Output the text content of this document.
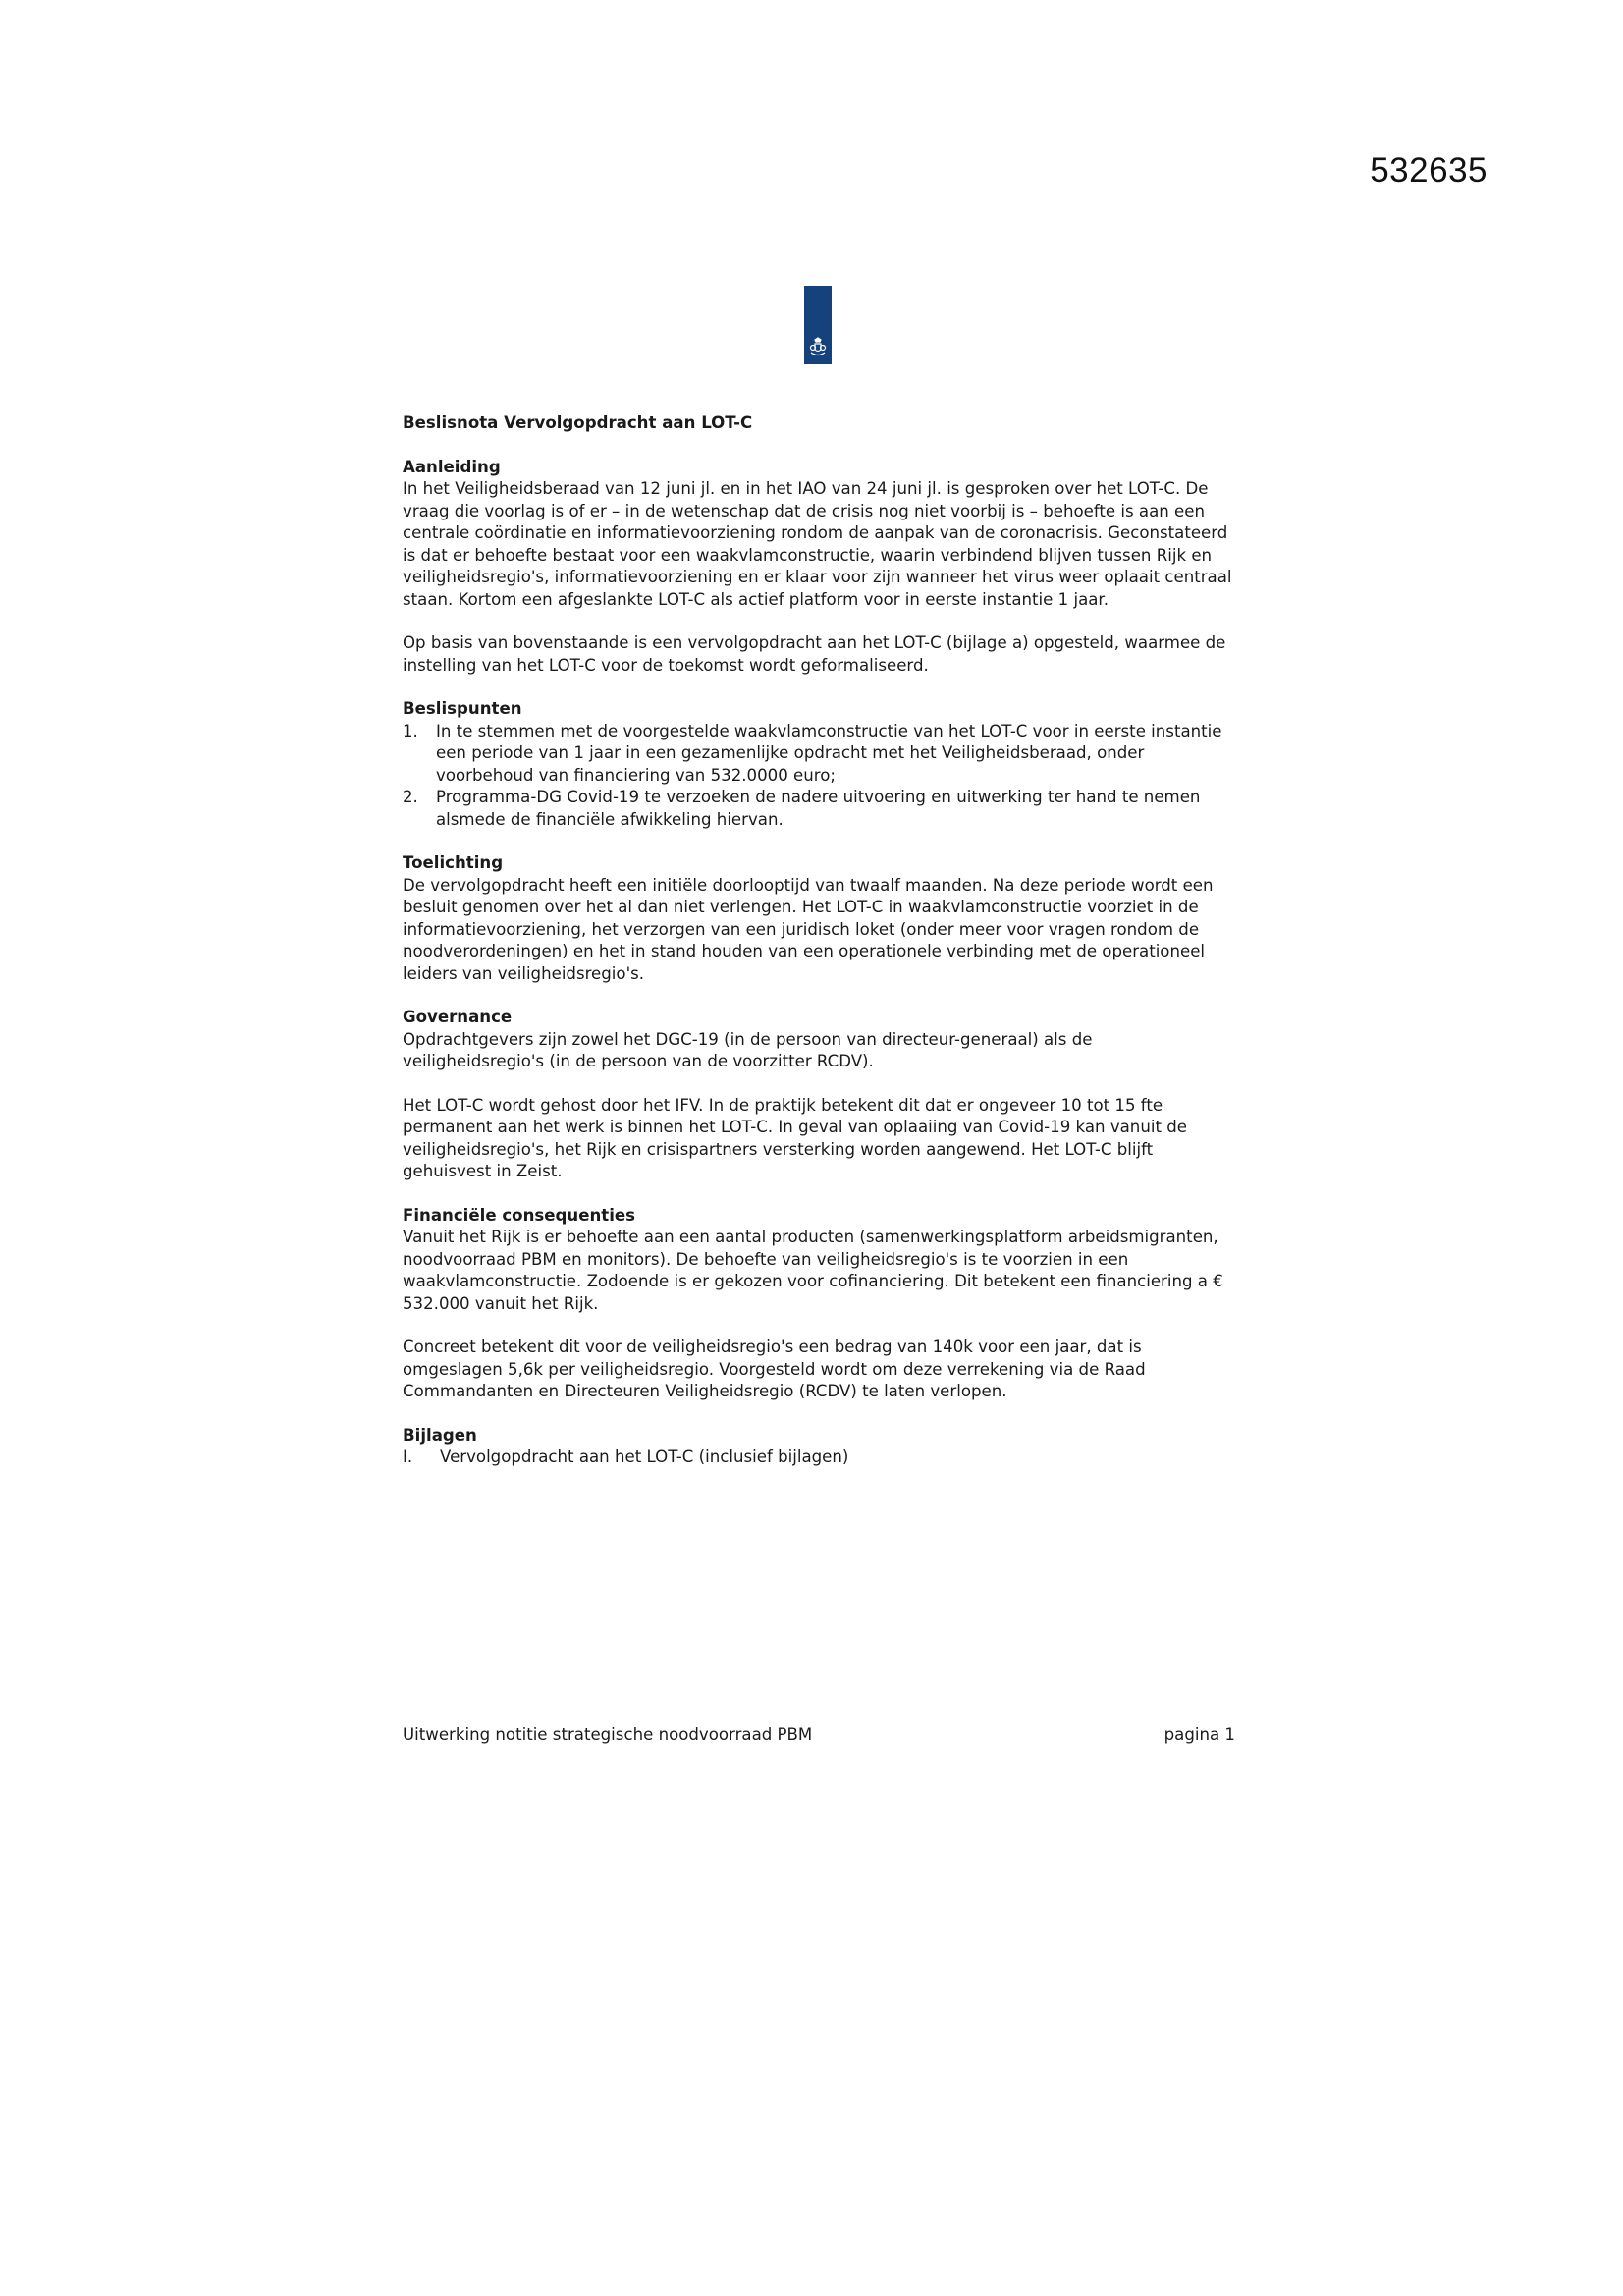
532635
Beslisnota Vervolgopdracht aan LOT-C
Aanleiding

In het Veiligheidsberaad van 12 juni jl. en in het IAO van 24 juni jl. is gesproken over het LOT-C. De vraag die voorlag is of er – in de wetenschap dat de crisis nog niet voorbij is – behoefte is aan een centrale coördinatie en informatievoorziening rondom de aanpak van de coronacrisis. Geconstateerd is dat er behoefte bestaat voor een waakvlamconstructie, waarin verbindend blijven tussen Rijk en veiligheidsregio's, informatievoorziening en er klaar voor zijn wanneer het virus weer oplaait centraal staan. Kortom een afgeslankte LOT-C als actief platform voor in eerste instantie 1 jaar.

Op basis van bovenstaande is een vervolgopdracht aan het LOT-C (bijlage a) opgesteld, waarmee de instelling van het LOT-C voor de toekomst wordt geformaliseerd.

Beslispunten
1. In te stemmen met de voorgestelde waakvlamconstructie van het LOT-C voor in eerste instantie een periode van 1 jaar in een gezamenlijke opdracht met het Veiligheidsberaad, onder voorbehoud van financiering van 532.0000 euro;
2. Programma-DG Covid-19 te verzoeken de nadere uitvoering en uitwerking ter hand te nemen alsmede de financiële afwikkeling hiervan.
Toelichting

De vervolgopdracht heeft een initiële doorlooptijd van twaalf maanden. Na deze periode wordt een besluit genomen over het al dan niet verlengen. Het LOT-C in waakvlamconstructie voorziet in de informatievoorziening, het verzorgen van een juridisch loket (onder meer voor vragen rondom de noodverordeningen) en het in stand houden van een operationele verbinding met de operationeel leiders van veiligheidsregio's.

Governance

Opdrachtgevers zijn zowel het DGC-19 (in de persoon van directeur-generaal) als de veiligheidsregio's (in de persoon van de voorzitter RCDV).

Het LOT-C wordt gehost door het IFV. In de praktijk betekent dit dat er ongeveer 10 tot 15 fte permanent aan het werk is binnen het LOT-C. In geval van oplaaiing van Covid-19 kan vanuit de veiligheidsregio's, het Rijk en crisispartners versterking worden aangewend. Het LOT-C blijft gehuisvest in Zeist.

Financiële consequenties

Vanuit het Rijk is er behoefte aan een aantal producten (samenwerkingsplatform arbeidsmigranten, noodvoorraad PBM en monitors). De behoefte van veiligheidsregio's is te voorzien in een waakvlamconstructie. Zodoende is er gekozen voor cofinanciering. Dit betekent een financiering a € 532.000 vanuit het Rijk.

Concreet betekent dit voor de veiligheidsregio's een bedrag van 140k voor een jaar, dat is omgeslagen 5,6k per veiligheidsregio. Voorgesteld wordt om deze verrekening via de Raad Commandanten en Directeuren Veiligheidsregio (RCDV) te laten verlopen.

Bijlagen
I. Vervolgopdracht aan het LOT-C (inclusief bijlagen)
Uitwerking notitie strategische noodvoorraad PBM	pagina 1
